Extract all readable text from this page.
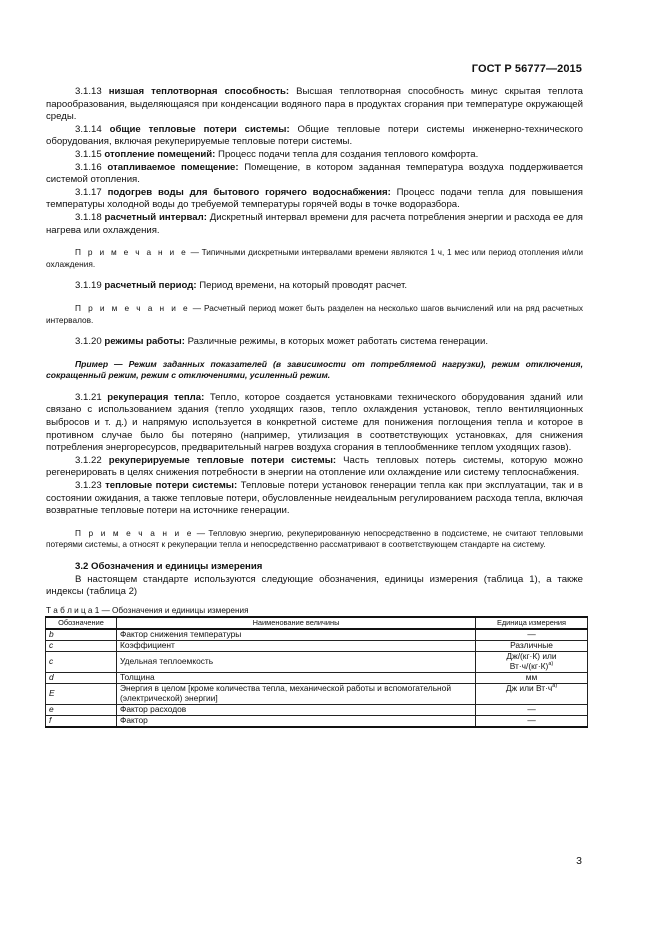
ГОСТ Р 56777—2015

3.1.13 низшая теплотворная способность: Высшая теплотворная способность минус скрытая теплота парообразования, выделяющаяся при конденсации водяного пара в продуктах сгорания при температуре окружающей среды.

3.1.14 общие тепловые потери системы: Общие тепловые потери системы инженерно-технического оборудования, включая рекуперируемые тепловые потери системы.

3.1.15 отопление помещений: Процесс подачи тепла для создания теплового комфорта.

3.1.16 отапливаемое помещение: Помещение, в котором заданная температура воздуха поддерживается системой отопления.

3.1.17 подогрев воды для бытового горячего водоснабжения: Процесс подачи тепла для повышения температуры холодной воды до требуемой температуры горячей воды в точке водоразбора.

3.1.18 расчетный интервал: Дискретный интервал времени для расчета потребления энергии и расхода ее для нагрева или охлаждения.

П р и м е ч а н и е — Типичными дискретными интервалами времени являются 1 ч, 1 мес или период отопления и/или охлаждения.

3.1.19 расчетный период: Период времени, на который проводят расчет.

П р и м е ч а н и е — Расчетный период может быть разделен на несколько шагов вычислений или на ряд расчетных интервалов.

3.1.20 режимы работы: Различные режимы, в которых может работать система генерации.

Пример — Режим заданных показателей (в зависимости от потребляемой нагрузки), режим отключения, сокращенный режим, режим с отключениями, усиленный режим.

3.1.21 рекуперация тепла: Тепло, которое создается установками технического оборудования зданий или связано с использованием здания (тепло уходящих газов, тепло охлаждения установок, тепло вентиляционных выбросов и т. д.) и напрямую используется в конкретной системе для понижения поглощения тепла и которое в противном случае было бы потеряно (например, утилизация в соответствующих установках, для снижения потребления энергоресурсов, предварительный нагрев воздуха сгорания в теплообменнике теплом уходящих газов).

3.1.22 рекуперируемые тепловые потери системы: Часть тепловых потерь системы, которую можно регенерировать в целях снижения потребности в энергии на отопление или охлаждение или систему теплоснабжения.

3.1.23 тепловые потери системы: Тепловые потери установок генерации тепла как при эксплуатации, так и в состоянии ожидания, а также тепловые потери, обусловленные неидеальным регулированием расхода тепла, включая возвратные тепловые потери на источнике генерации.

П р и м е ч а н и е — Тепловую энергию, рекуперированную непосредственно в подсистеме, не считают тепловыми потерями системы, а относят к рекуперации тепла и непосредственно рассматривают в соответствующем стандарте на систему.

3.2 Обозначения и единицы измерения

В настоящем стандарте используются следующие обозначения, единицы измерения (таблица 1), а также индексы (таблица 2)

Т а б л и ц а 1 — Обозначения и единицы измерения

Обозначение	Наименование величины	Единица измерения
b	Фактор снижения температуры	—
c	Коэффициент	Различные
c	Удельная теплоемкость	Дж/(кг·К) или
$Вт\cdot ч/(кг\cdot К)^{а)}$
d	Толщина	мм
E	Энергия в целом [кроме количества тепла, механической работы и вспомогательной (электрической) энергии]	Дж или $Вт\cdot ч^{а)}$
e	Фактор расходов	—
f	Фактор	—
3
